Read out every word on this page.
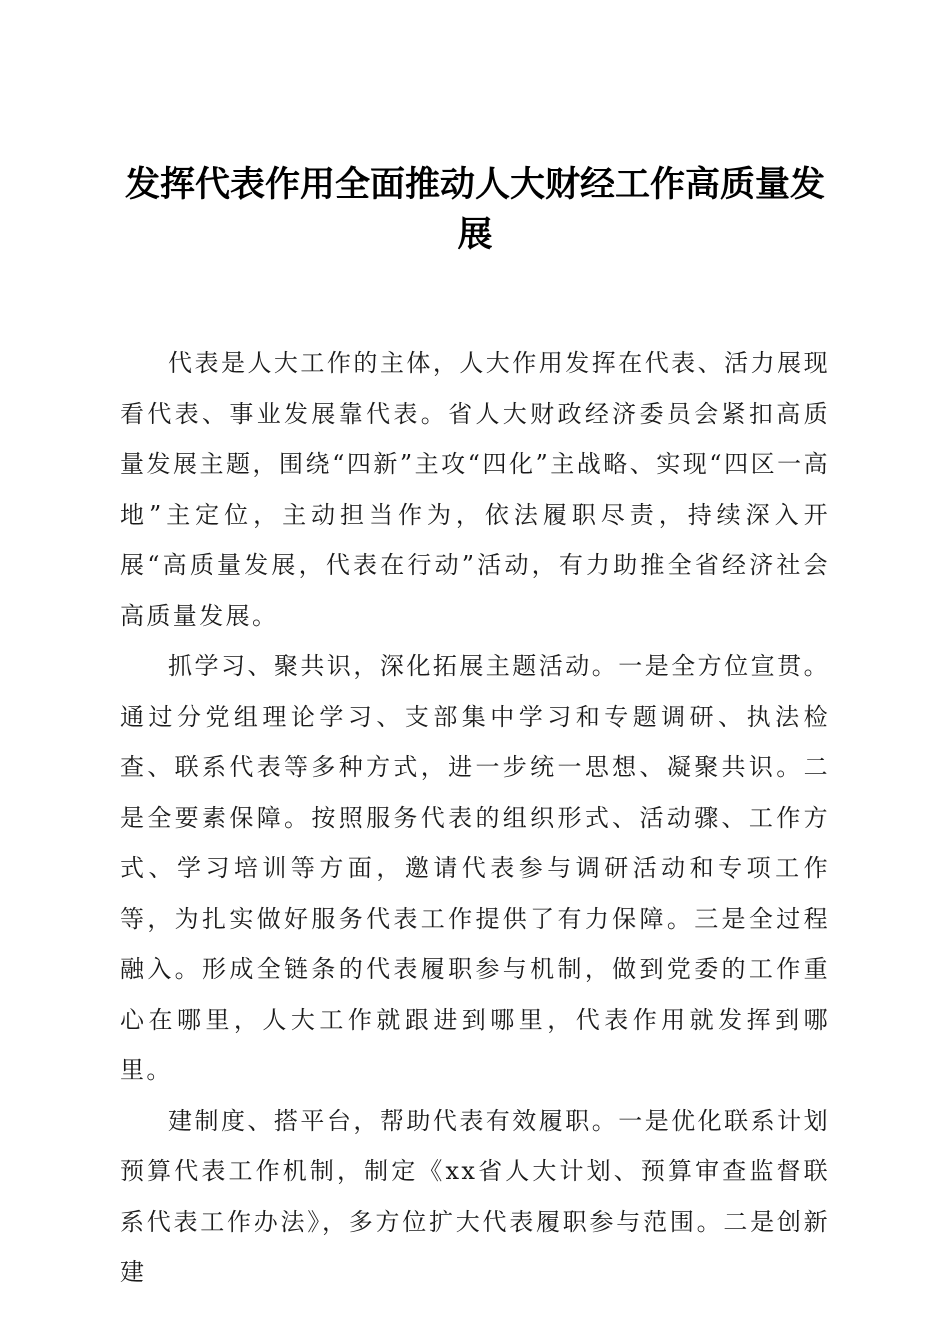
发挥代表作用全面推动人大财经工作高质量发展

代表是人大工作的主体，人大作用发挥在代表、活力展现看代表、事业发展靠代表。省人大财政经济委员会紧扣高质量发展主题，围绕“四新”主攻“四化”主战略、实现“四区一高地”主定位，主动担当作为，依法履职尽责，持续深入开展“高质量发展，代表在行动”活动，有力助推全省经济社会高质量发展。

抓学习、聚共识，深化拓展主题活动。一是全方位宣贯。通过分党组理论学习、支部集中学习和专题调研、执法检查、联系代表等多种方式，进一步统一思想、凝聚共识。二是全要素保障。按照服务代表的组织形式、活动骤、工作方式、学习培训等方面，邀请代表参与调研活动和专项工作等，为扎实做好服务代表工作提供了有力保障。三是全过程融入。形成全链条的代表履职参与机制，做到党委的工作重心在哪里，人大工作就跟进到哪里，代表作用就发挥到哪里。

建制度、搭平台，帮助代表有效履职。一是优化联系计划预算代表工作机制，制定《xx省人大计划、预算审查监督联系代表工作办法》，多方位扩大代表履职参与范围。二是创新建
